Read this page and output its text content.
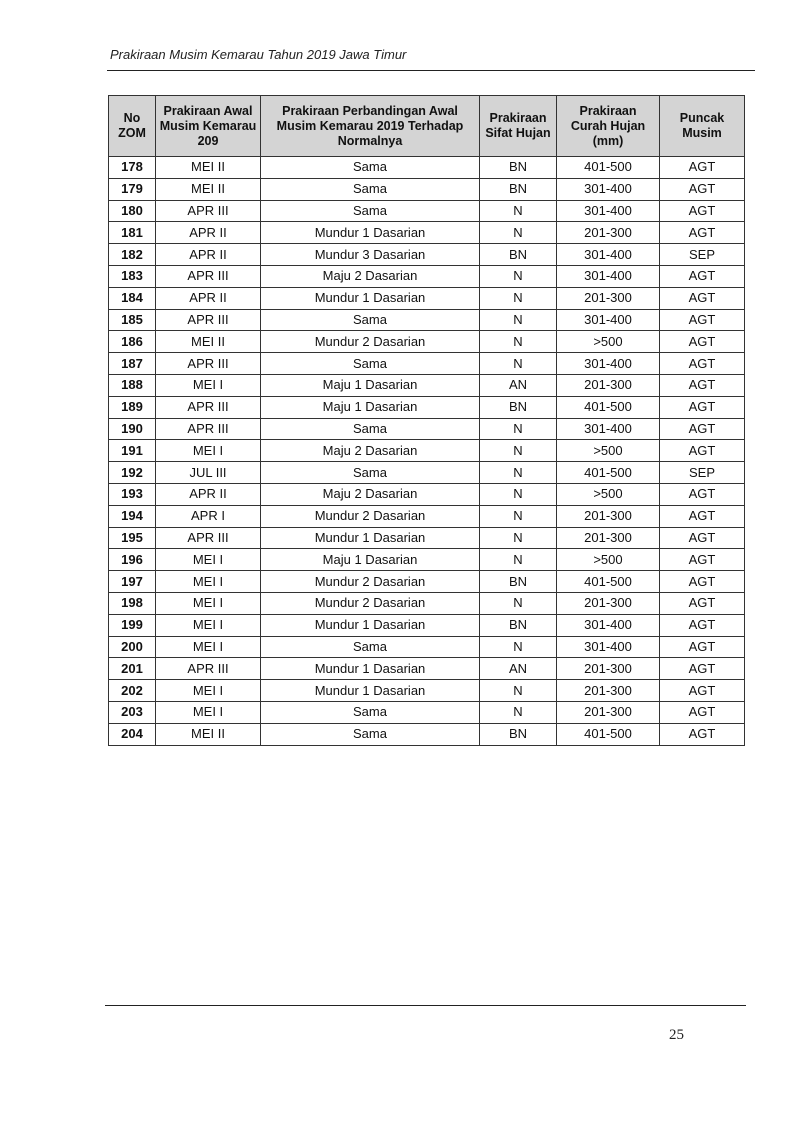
Prakiraan Musim Kemarau Tahun 2019 Jawa Timur
No ZOM	Prakiraan Awal Musim Kemarau 209	Prakiraan Perbandingan Awal Musim Kemarau 2019 Terhadap Normalnya	Prakiraan Sifat Hujan	Prakiraan Curah Hujan (mm)	Puncak Musim
178	MEI II	Sama	BN	401-500	AGT
179	MEI II	Sama	BN	301-400	AGT
180	APR III	Sama	N	301-400	AGT
181	APR II	Mundur 1 Dasarian	N	201-300	AGT
182	APR II	Mundur 3 Dasarian	BN	301-400	SEP
183	APR III	Maju 2 Dasarian	N	301-400	AGT
184	APR II	Mundur 1 Dasarian	N	201-300	AGT
185	APR III	Sama	N	301-400	AGT
186	MEI II	Mundur 2 Dasarian	N	>500	AGT
187	APR III	Sama	N	301-400	AGT
188	MEI I	Maju 1 Dasarian	AN	201-300	AGT
189	APR III	Maju 1 Dasarian	BN	401-500	AGT
190	APR III	Sama	N	301-400	AGT
191	MEI I	Maju 2 Dasarian	N	>500	AGT
192	JUL III	Sama	N	401-500	SEP
193	APR II	Maju 2 Dasarian	N	>500	AGT
194	APR I	Mundur 2 Dasarian	N	201-300	AGT
195	APR III	Mundur 1 Dasarian	N	201-300	AGT
196	MEI I	Maju 1 Dasarian	N	>500	AGT
197	MEI I	Mundur 2 Dasarian	BN	401-500	AGT
198	MEI I	Mundur 2 Dasarian	N	201-300	AGT
199	MEI I	Mundur 1 Dasarian	BN	301-400	AGT
200	MEI I	Sama	N	301-400	AGT
201	APR III	Mundur 1 Dasarian	AN	201-300	AGT
202	MEI I	Mundur 1 Dasarian	N	201-300	AGT
203	MEI I	Sama	N	201-300	AGT
204	MEI II	Sama	BN	401-500	AGT
25
